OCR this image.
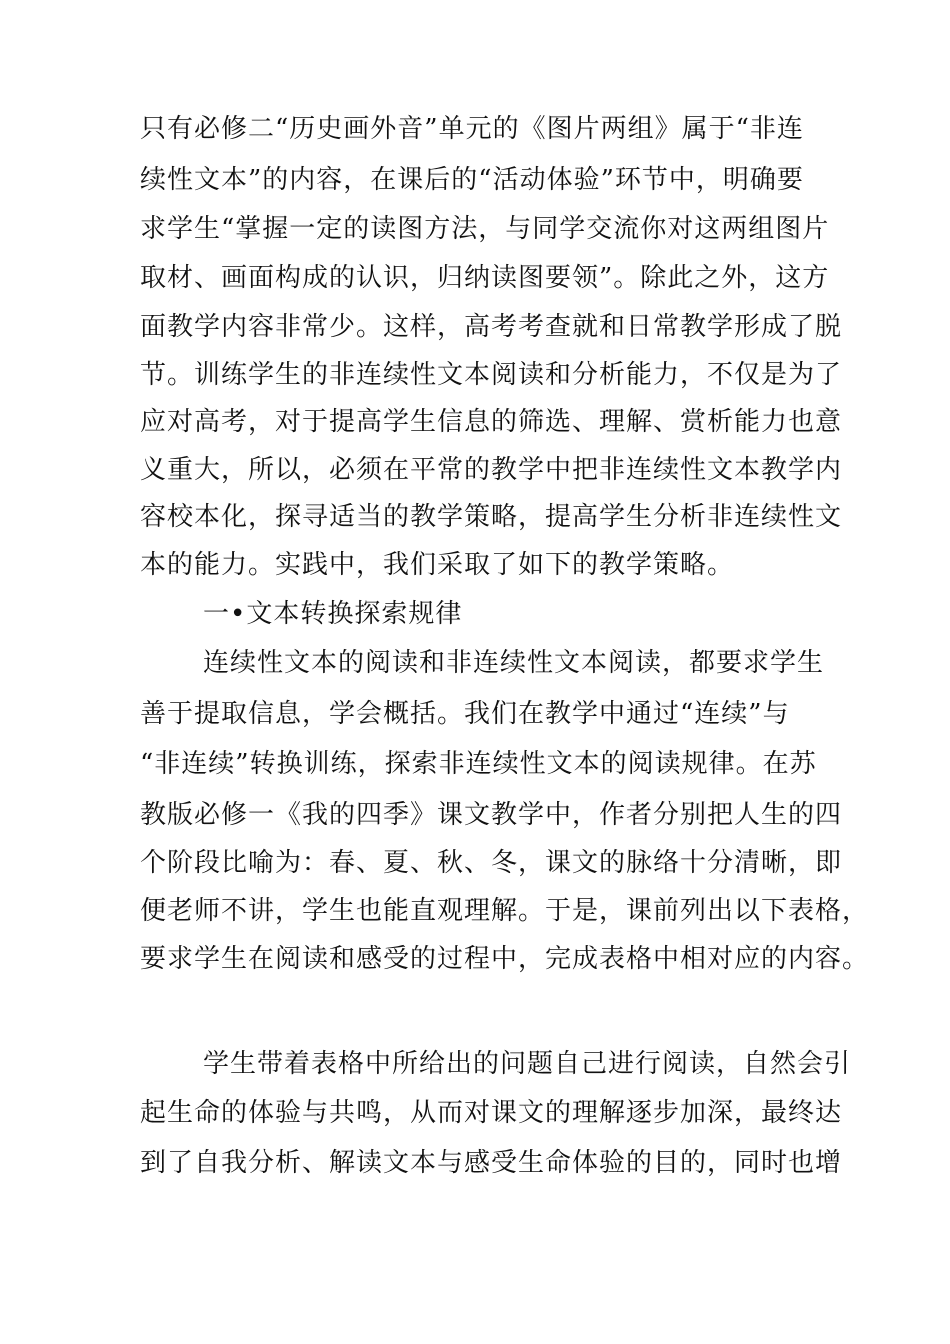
只有必修二“历史画外音”单元的《图片两组》属于“非连
续性文本”的内容，在课后的“活动体验”环节中，明确要
求学生“掌握一定的读图方法，与同学交流你对这两组图片
取材、画面构成的认识，归纳读图要领”。除此之外，这方
面教学内容非常少。这样，高考考查就和日常教学形成了脱
节。训练学生的非连续性文本阅读和分析能力，不仅是为了
应对高考，对于提高学生信息的筛选、理解、赏析能力也意
义重大，所以，必须在平常的教学中把非连续性文本教学内
容校本化，探寻适当的教学策略，提高学生分析非连续性文
本的能力。实践中，我们采取了如下的教学策略。
一•文本转换探索规律
连续性文本的阅读和非连续性文本阅读，都要求学生
善于提取信息，学会概括。我们在教学中通过“连续”与
“非连续”转换训练，探索非连续性文本的阅读规律。在苏
教版必修一《我的四季》课文教学中，作者分别把人生的四
个阶段比喻为：春、夏、秋、冬，课文的脉络十分清晰，即
便老师不讲，学生也能直观理解。于是，课前列出以下表格，
要求学生在阅读和感受的过程中，完成表格中相对应的内容。
学生带着表格中所给出的问题自己进行阅读，自然会引
起生命的体验与共鸣，从而对课文的理解逐步加深，最终达
到了自我分析、解读文本与感受生命体验的目的，同时也增
